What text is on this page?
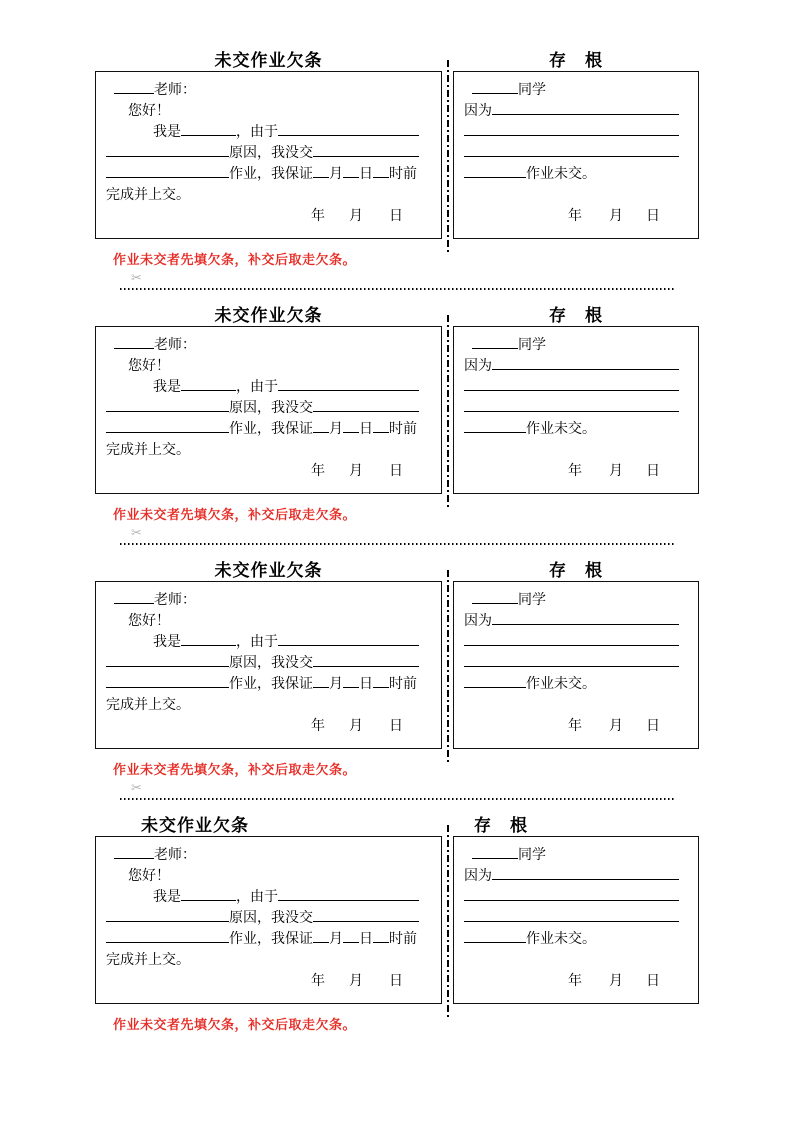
未交作业欠条	存　根
老师：
您好！
我是	，由于
原因，我没交
作业，我保证 月 日 时前
完成并上交。
年 月 日
同学
因为
作业未交。
年 月 日
作业未交者先填欠条，补交后取走欠条。
✂
未交作业欠条	存　根
老师：
您好！
我是	，由于
原因，我没交
作业，我保证 月 日 时前
完成并上交。
年 月 日
同学
因为
作业未交。
年 月 日
作业未交者先填欠条，补交后取走欠条。
✂
未交作业欠条	存　根
老师：
您好！
我是	，由于
原因，我没交
作业，我保证 月 日 时前
完成并上交。
年 月 日
同学
因为
作业未交。
年 月 日
作业未交者先填欠条，补交后取走欠条。
✂
未交作业欠条	存　根
老师：
您好！
我是	，由于
原因，我没交
作业，我保证 月 日 时前
完成并上交。
年 月 日
同学
因为
作业未交。
年 月 日
作业未交者先填欠条，补交后取走欠条。
